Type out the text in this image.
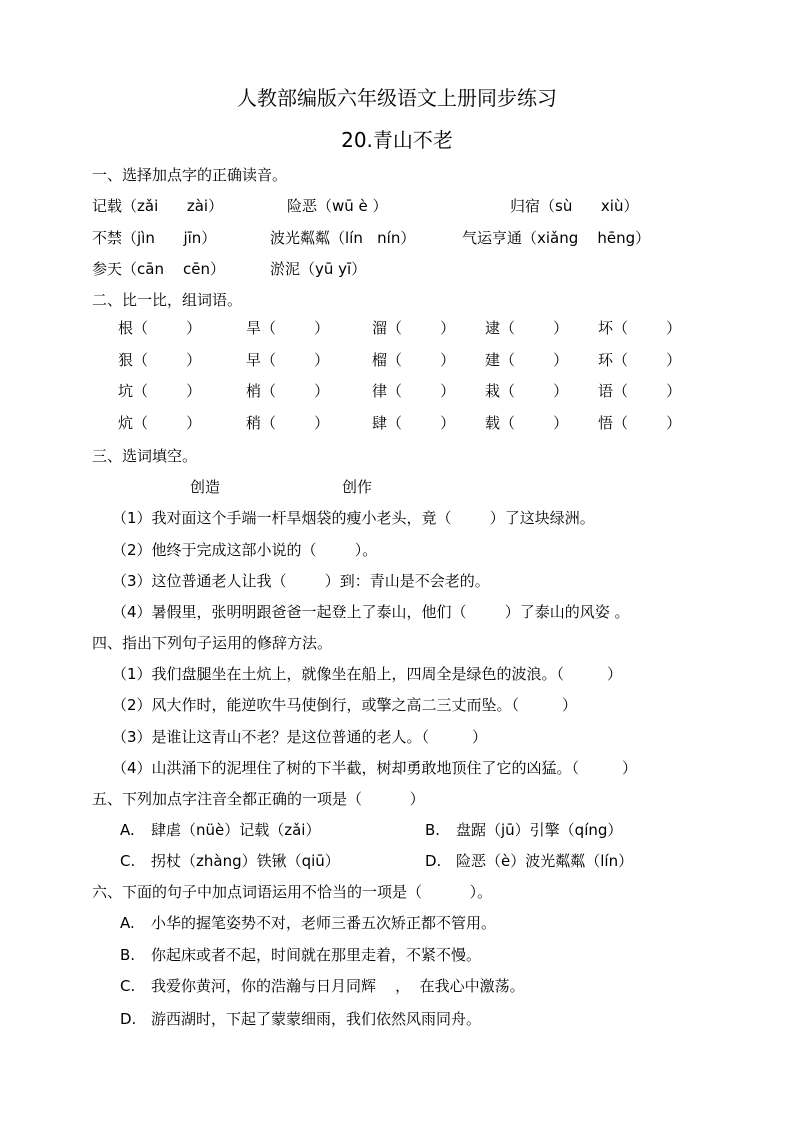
人教部编版六年级语文上册同步练习
20.青山不老
一、选择加点字的正确读音。
记载（zǎi      zài）	险恶（wū è ）	归宿（sù      xiù）
不禁（jìn      jīn）	波光粼粼（lín   nín）	气运亨通（xiǎng    hēng）
参天（cān    cēn）	淤泥（yū yī）
二、比一比，组词语。
根（        ）	旱（        ）	溜（        ） 逮（        ） 坏（        ）
狠（        ）	早（        ）	榴（        ） 建（        ） 环（        ）
坑（        ）	梢（        ）	律（        ） 栽（        ） 语（        ）
炕（        ）	稍（        ）	肆（        ） 载（        ） 悟（        ）
三、选词填空。
创造	创作
（1）我对面这个手端一杆旱烟袋的瘦小老头，竟（        ）了这块绿洲。
（2）他终于完成这部小说的（        ）。
（3）这位普通老人让我（        ）到：青山是不会老的。
（4）暑假里，张明明跟爸爸一起登上了泰山，他们（        ）了泰山的风姿 。
四、指出下列句子运用的修辞方法。
（1）我们盘腿坐在土炕上，就像坐在船上，四周全是绿色的波浪。（         ）
（2）风大作时，能逆吹牛马使倒行，或擎之高二三丈而坠。（         ）
（3）是谁让这青山不老？是这位普通的老人。（         ）
（4）山洪涌下的泥埋住了树的下半截，树却勇敢地顶住了它的凶猛。（         ）
五、下列加点字注音全都正确的一项是（          ）
A. 肆虐（nüè）记载（zǎi）	B. 盘踞（jū）引擎（qíng）
C. 拐杖（zhàng）铁锹（qiū）	D. 险恶（è）波光粼粼（lín）
六、下面的句子中加点词语运用不恰当的一项是（          ）。
A. 小华的握笔姿势不对，老师三番五次矫正都不管用。
B. 你起床或者不起，时间就在那里走着，不紧不慢。
C. 我爱你黄河，你的浩瀚与日月同辉    ，  在我心中激荡。
D. 游西湖时，下起了蒙蒙细雨，我们依然风雨同舟。
